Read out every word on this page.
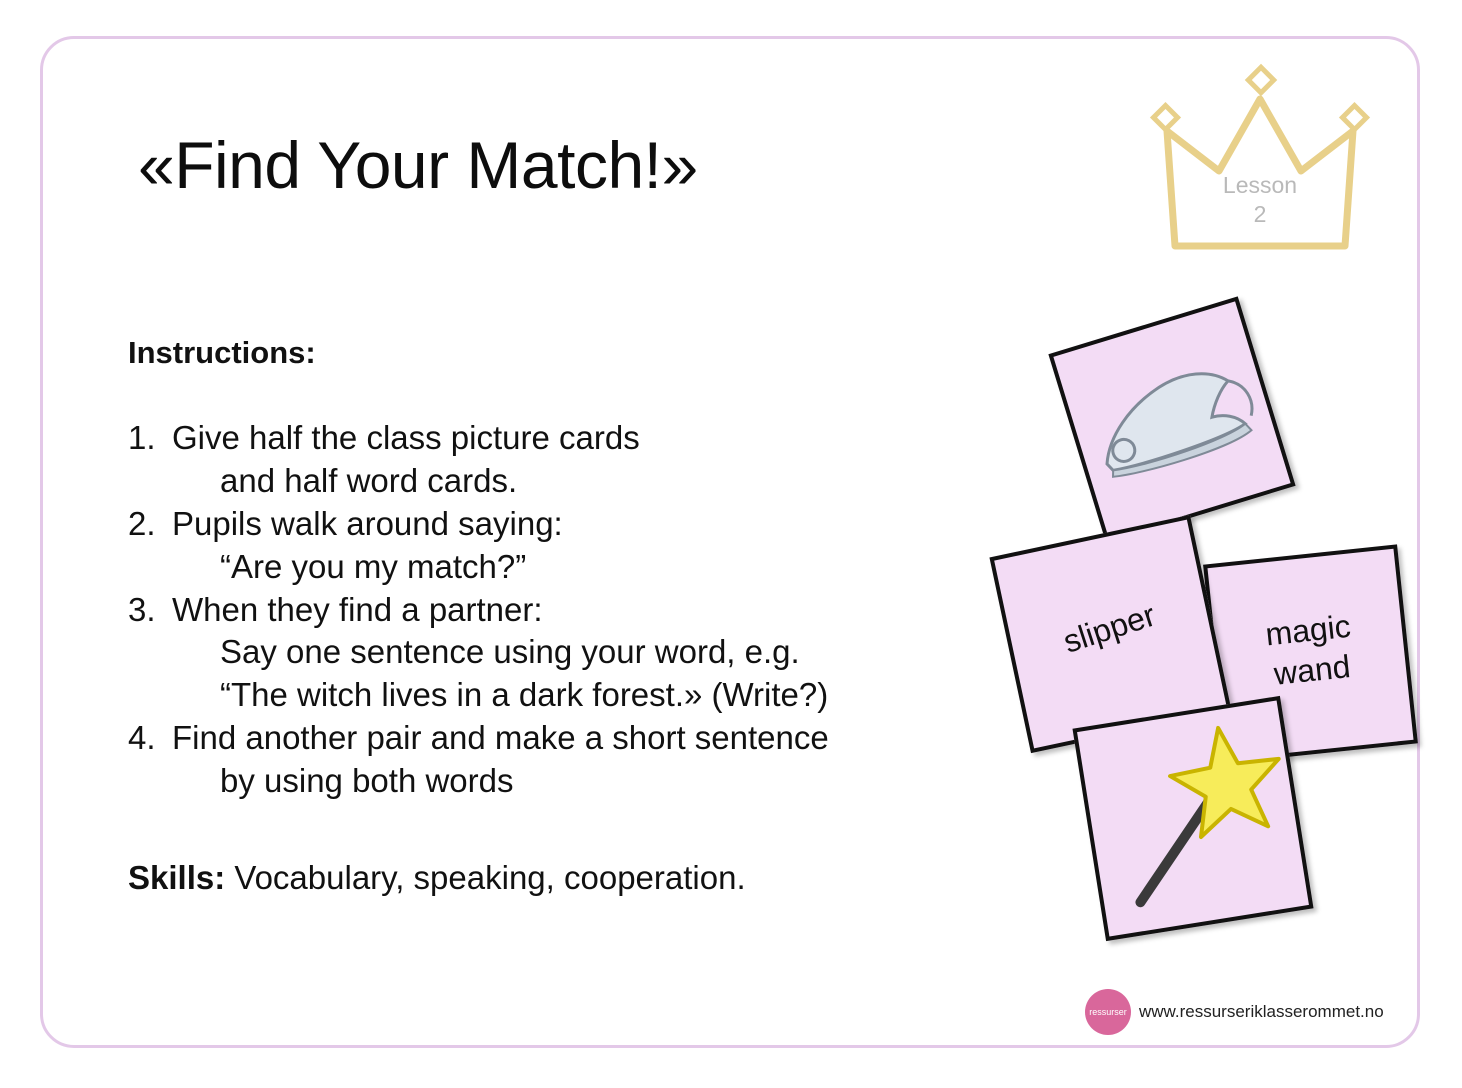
«Find Your Match!»	Lesson
2
Instructions:
1. Give half the class picture cards
and half word cards.
2. Pupils walk around saying:
“Are you my match?”
3. When they find a partner:
Say one sentence using your word, e.g.
“The witch lives in a dark forest.» (Write?)
4. Find another pair and make a short sentence
by using both words
Skills: Vocabulary, speaking, cooperation.
magic
wand
slipper
ressurser www.ressurseriklasserommet.no
